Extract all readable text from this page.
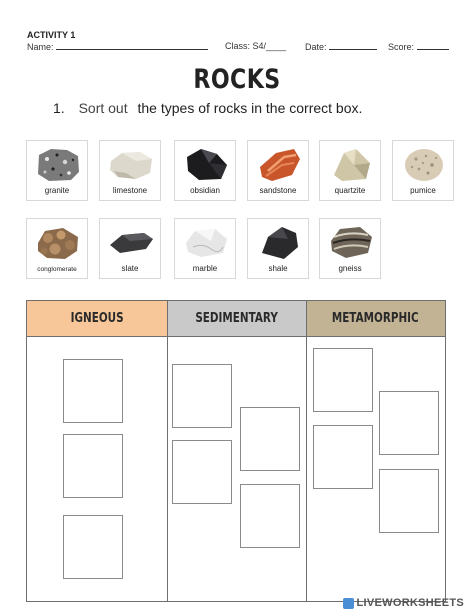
ACTIVITY 1
Name:	Class: S4/____ Date:	Score:
ROCKS
1. Sort out the types of rocks in the correct box.
granite	limestone	obsidian	sandstone	quartzite	pumice
conglomerate	slate	marble	shale	gneiss
IGNEOUS	SEDIMENTARY	METAMORPHIC
LIVEWORKSHEETS
